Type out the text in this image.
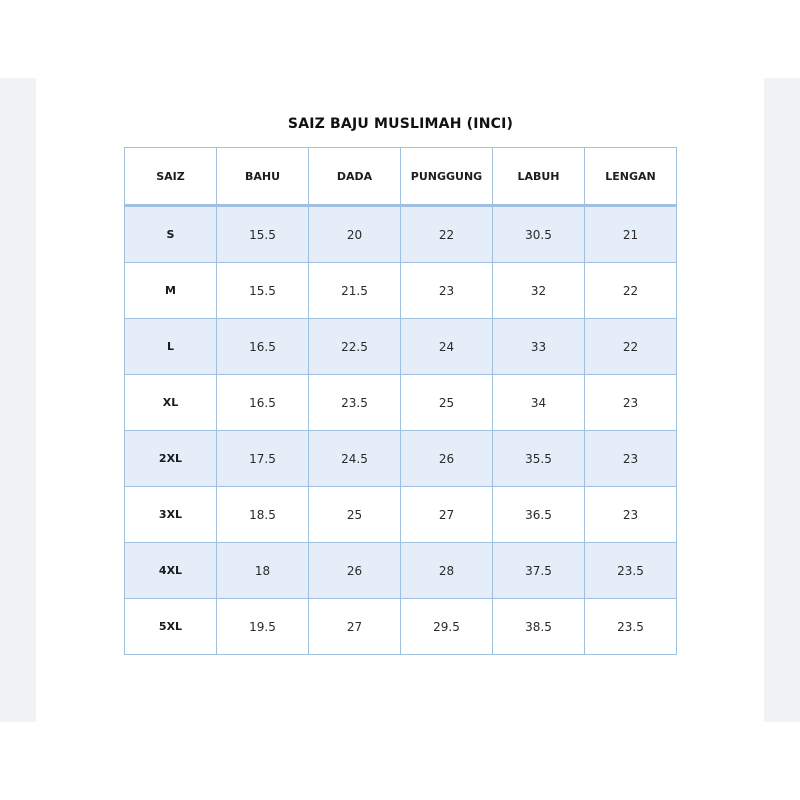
SAIZ BAJU MUSLIMAH (INCI)
SAIZ	BAHU	DADA	PUNGGUNG	LABUH	LENGAN
S	15.5	20	22	30.5	21
M	15.5	21.5	23	32	22
L	16.5	22.5	24	33	22
XL	16.5	23.5	25	34	23
2XL	17.5	24.5	26	35.5	23
3XL	18.5	25	27	36.5	23
4XL	18	26	28	37.5	23.5
5XL	19.5	27	29.5	38.5	23.5
